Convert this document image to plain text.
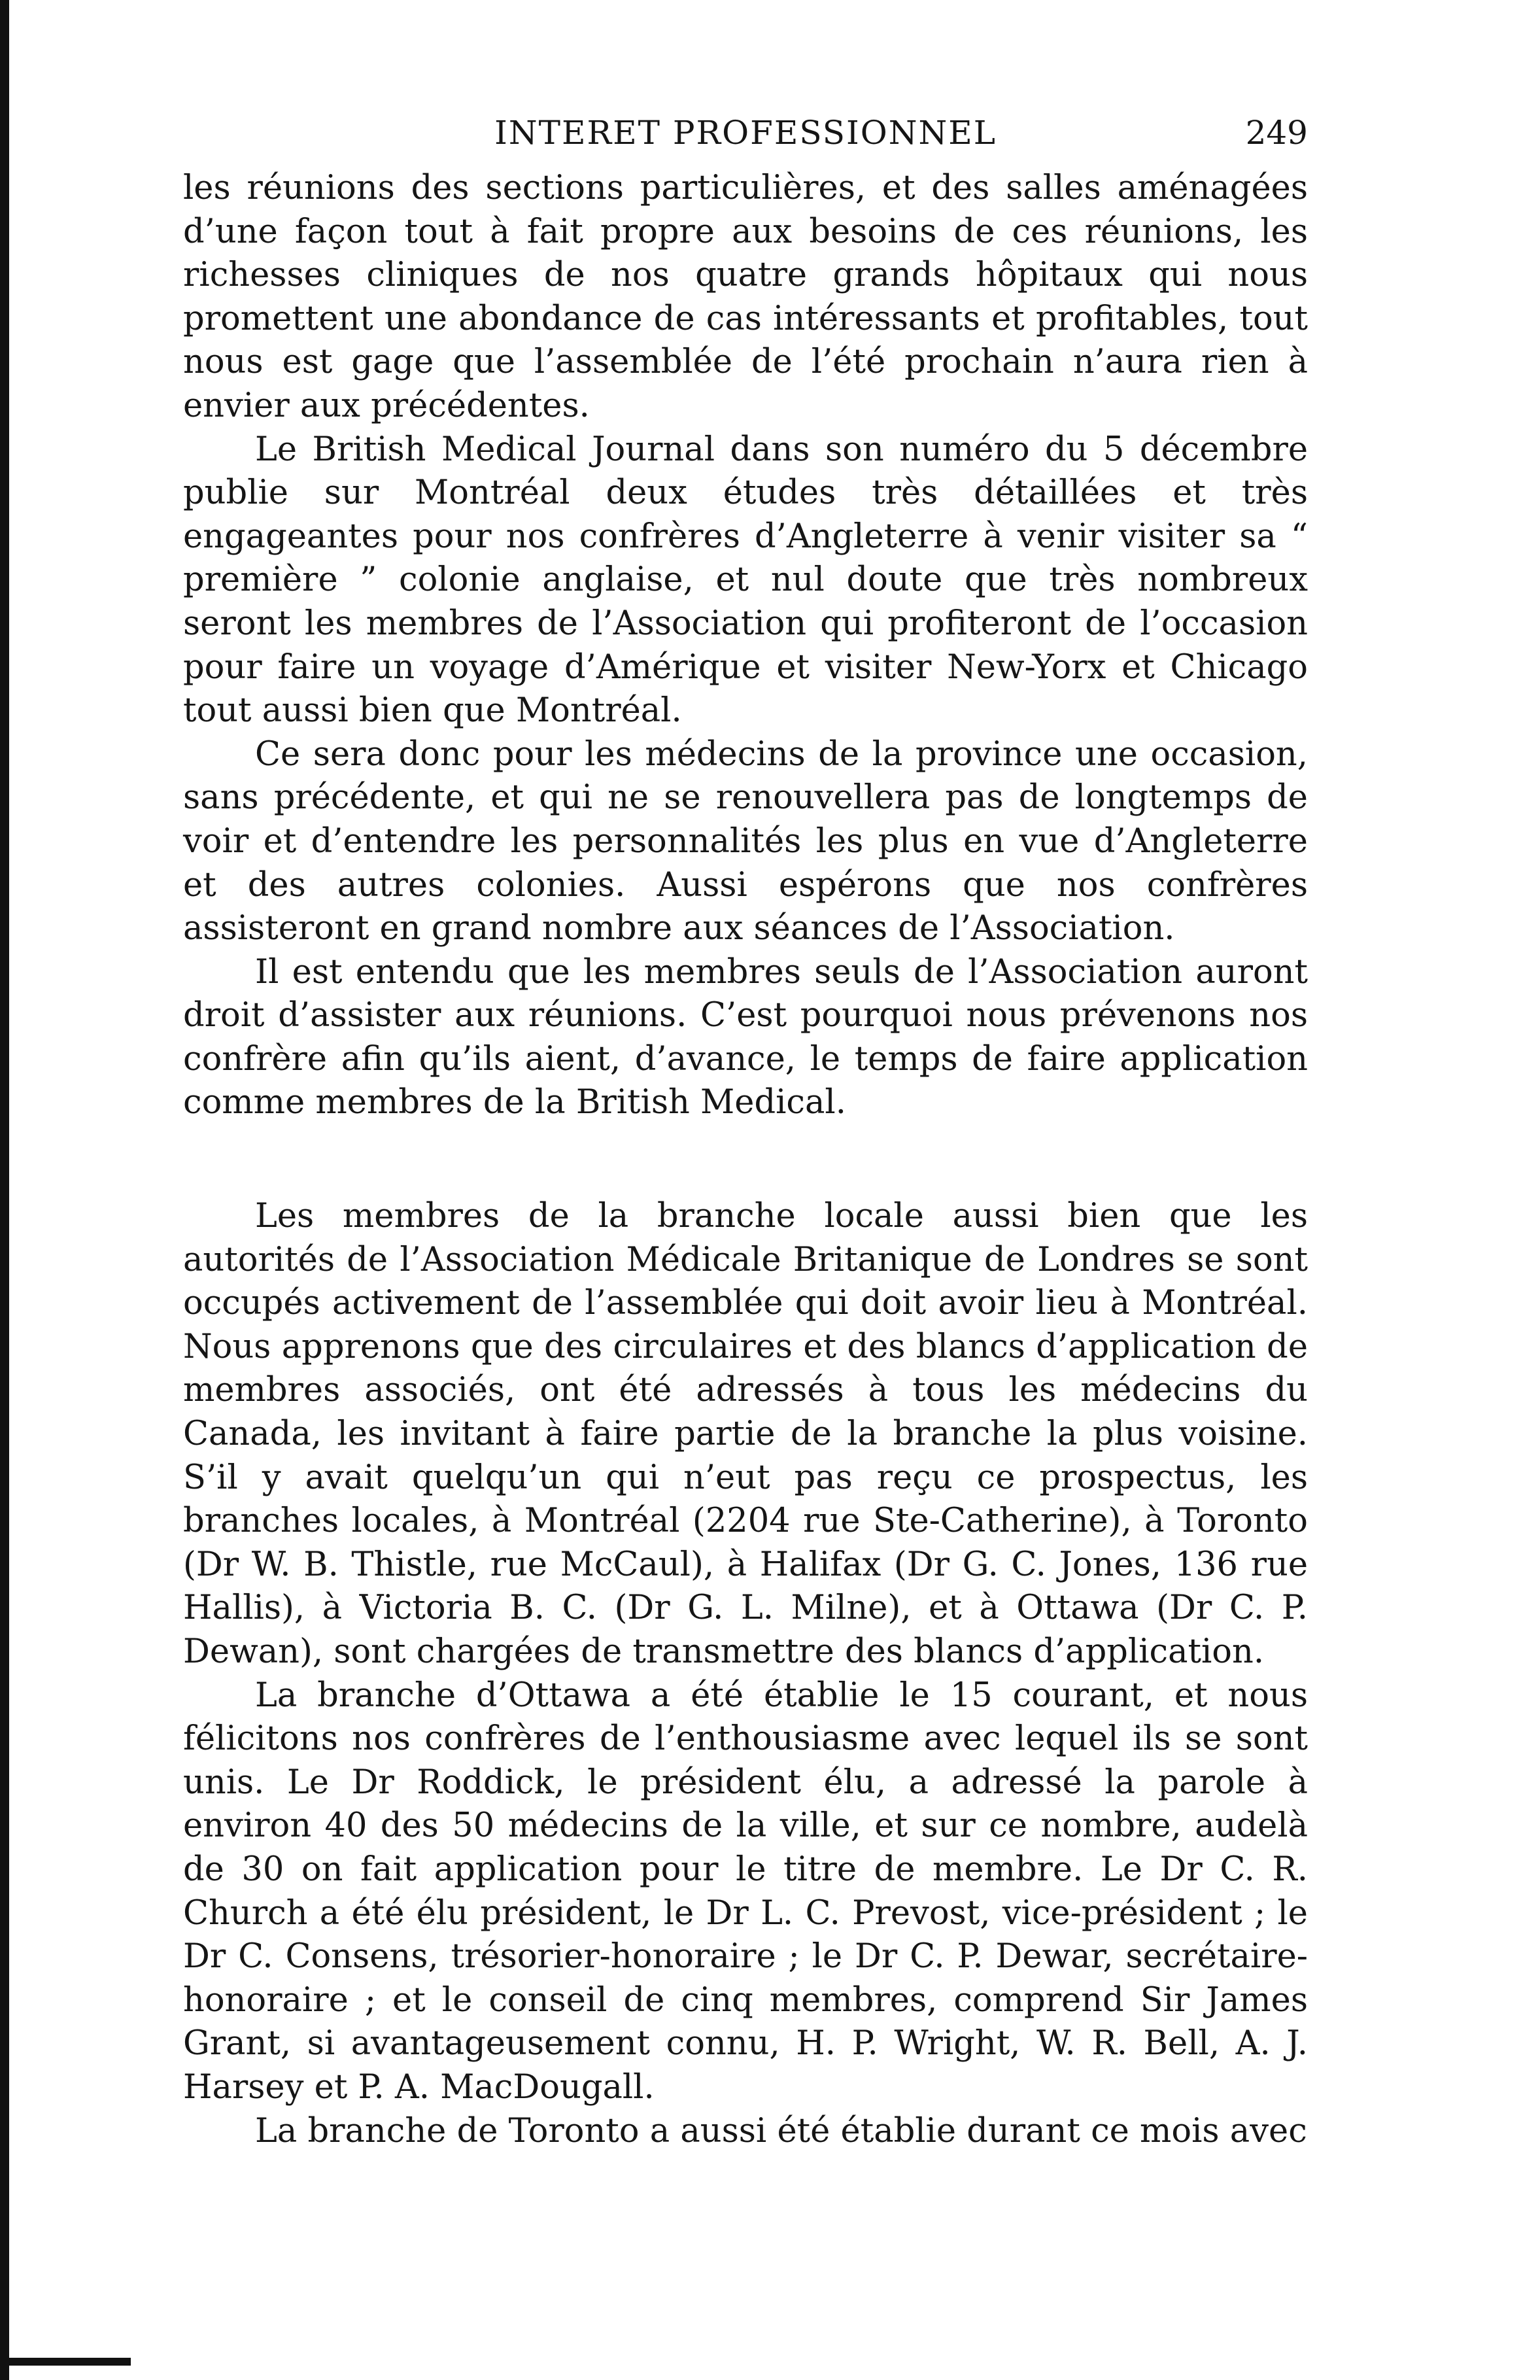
INTERET PROFESSIONNEL	249

les réunions des sections particulières, et des salles aménagées d’une façon tout à fait propre aux besoins de ces réunions, les richesses cliniques de nos quatre grands hôpitaux qui nous promettent une abondance de cas intéressants et profitables, tout nous est gage que l’assemblée de l’été prochain n’aura rien à envier aux précédentes.

Le British Medical Journal dans son numéro du 5 décembre publie sur Montréal deux études très détaillées et très engageantes pour nos confrères d’Angleterre à venir visiter sa “ première ” colonie anglaise, et nul doute que très nombreux seront les membres de l’Association qui profiteront de l’occasion pour faire un voyage d’Amérique et visiter New-Yorx et Chicago tout aussi bien que Montréal.

Ce sera donc pour les médecins de la province une occasion, sans précédente, et qui ne se renouvellera pas de longtemps de voir et d’entendre les personnalités les plus en vue d’Angleterre et des autres colonies. Aussi espérons que nos confrères assisteront en grand nombre aux séances de l’Association.

Il est entendu que les membres seuls de l’Association auront droit d’assister aux réunions. C’est pourquoi nous prévenons nos confrère afin qu’ils aient, d’avance, le temps de faire application comme membres de la British Medical.

Les membres de la branche locale aussi bien que les autorités de l’Association Médicale Britanique de Londres se sont occupés activement de l’assemblée qui doit avoir lieu à Montréal. Nous apprenons que des circulaires et des blancs d’application de membres associés, ont été adressés à tous les médecins du Canada, les invitant à faire partie de la branche la plus voisine. S’il y avait quelqu’un qui n’eut pas reçu ce prospectus, les branches locales, à Montréal (2204 rue Ste-Catherine), à Toronto (Dr W. B. Thistle, rue McCaul), à Halifax (Dr G. C. Jones, 136 rue Hallis), à Victoria B. C. (Dr G. L. Milne), et à Ottawa (Dr C. P. Dewan), sont chargées de transmettre des blancs d’application.

La branche d’Ottawa a été établie le 15 courant, et nous félicitons nos confrères de l’enthousiasme avec lequel ils se sont unis. Le Dr Roddick, le président élu, a adressé la parole à environ 40 des 50 médecins de la ville, et sur ce nombre, audelà de 30 on fait application pour le titre de membre. Le Dr C. R. Church a été élu président, le Dr L. C. Prevost, vice-président ; le Dr C. Consens, trésorier-honoraire ; le Dr C. P. Dewar, secrétaire-honoraire ; et le conseil de cinq membres, comprend Sir James Grant, si avantageusement connu, H. P. Wright, W. R. Bell, A. J. Harsey et P. A. MacDougall.

La branche de Toronto a aussi été établie durant ce mois avec
